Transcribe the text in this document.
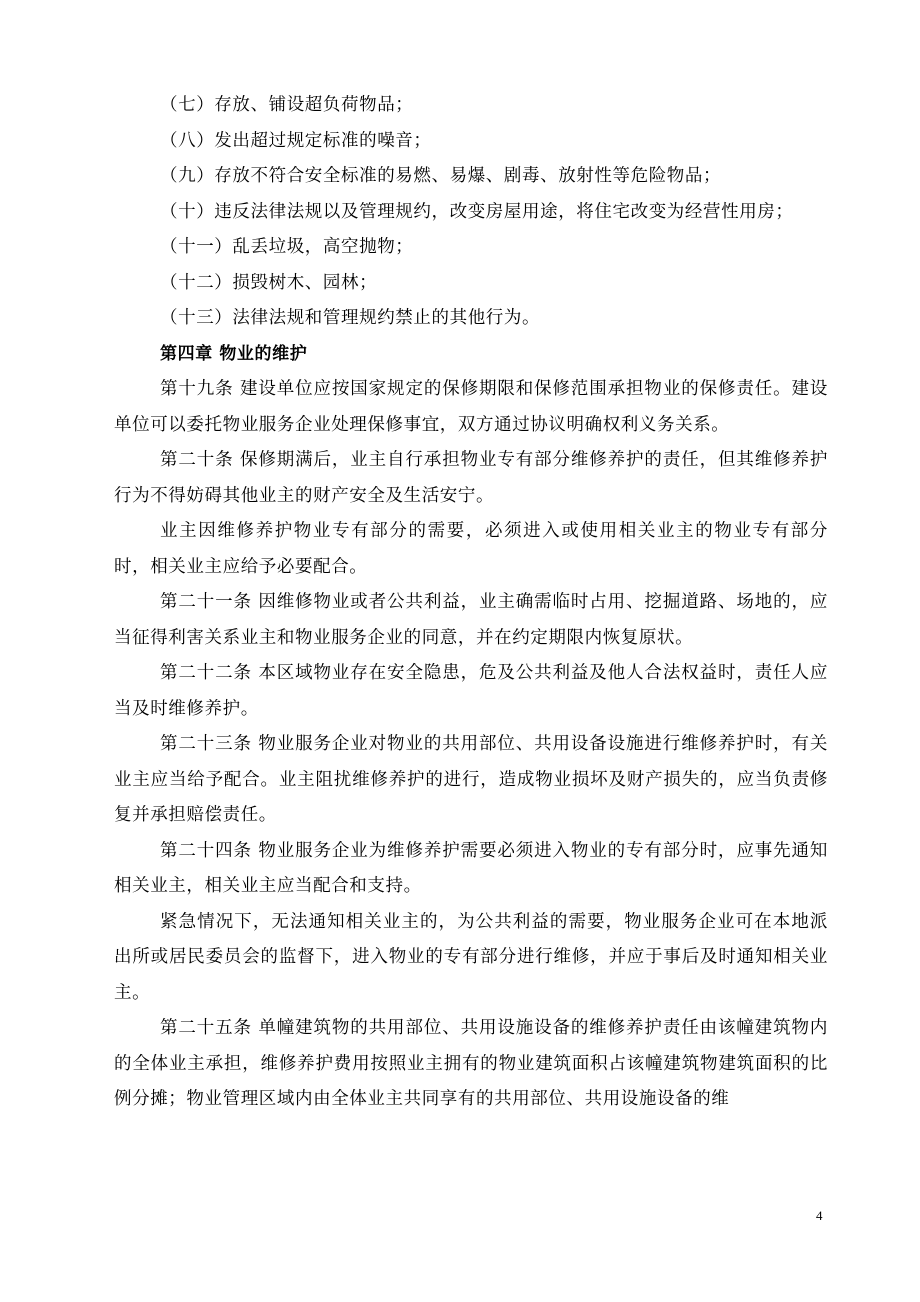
（七）存放、铺设超负荷物品；

（八）发出超过规定标准的噪音；

（九）存放不符合安全标准的易燃、易爆、剧毒、放射性等危险物品；

（十）违反法律法规以及管理规约，改变房屋用途，将住宅改变为经营性用房；

（十一）乱丢垃圾，高空抛物；

（十二）损毁树木、园林；

（十三）法律法规和管理规约禁止的其他行为。

第四章 物业的维护

第十九条 建设单位应按国家规定的保修期限和保修范围承担物业的保修责任。建设单位可以委托物业服务企业处理保修事宜，双方通过协议明确权利义务关系。

第二十条 保修期满后，业主自行承担物业专有部分维修养护的责任，但其维修养护行为不得妨碍其他业主的财产安全及生活安宁。

业主因维修养护物业专有部分的需要，必须进入或使用相关业主的物业专有部分时，相关业主应给予必要配合。

第二十一条 因维修物业或者公共利益，业主确需临时占用、挖掘道路、场地的，应当征得利害关系业主和物业服务企业的同意，并在约定期限内恢复原状。

第二十二条 本区域物业存在安全隐患，危及公共利益及他人合法权益时，责任人应当及时维修养护。

第二十三条 物业服务企业对物业的共用部位、共用设备设施进行维修养护时，有关业主应当给予配合。业主阻扰维修养护的进行，造成物业损坏及财产损失的，应当负责修复并承担赔偿责任。

第二十四条 物业服务企业为维修养护需要必须进入物业的专有部分时，应事先通知相关业主，相关业主应当配合和支持。

紧急情况下，无法通知相关业主的，为公共利益的需要，物业服务企业可在本地派出所或居民委员会的监督下，进入物业的专有部分进行维修，并应于事后及时通知相关业主。

第二十五条 单幢建筑物的共用部位、共用设施设备的维修养护责任由该幢建筑物内的全体业主承担，维修养护费用按照业主拥有的物业建筑面积占该幢建筑物建筑面积的比例分摊；物业管理区域内由全体业主共同享有的共用部位、共用设施设备的维

4
